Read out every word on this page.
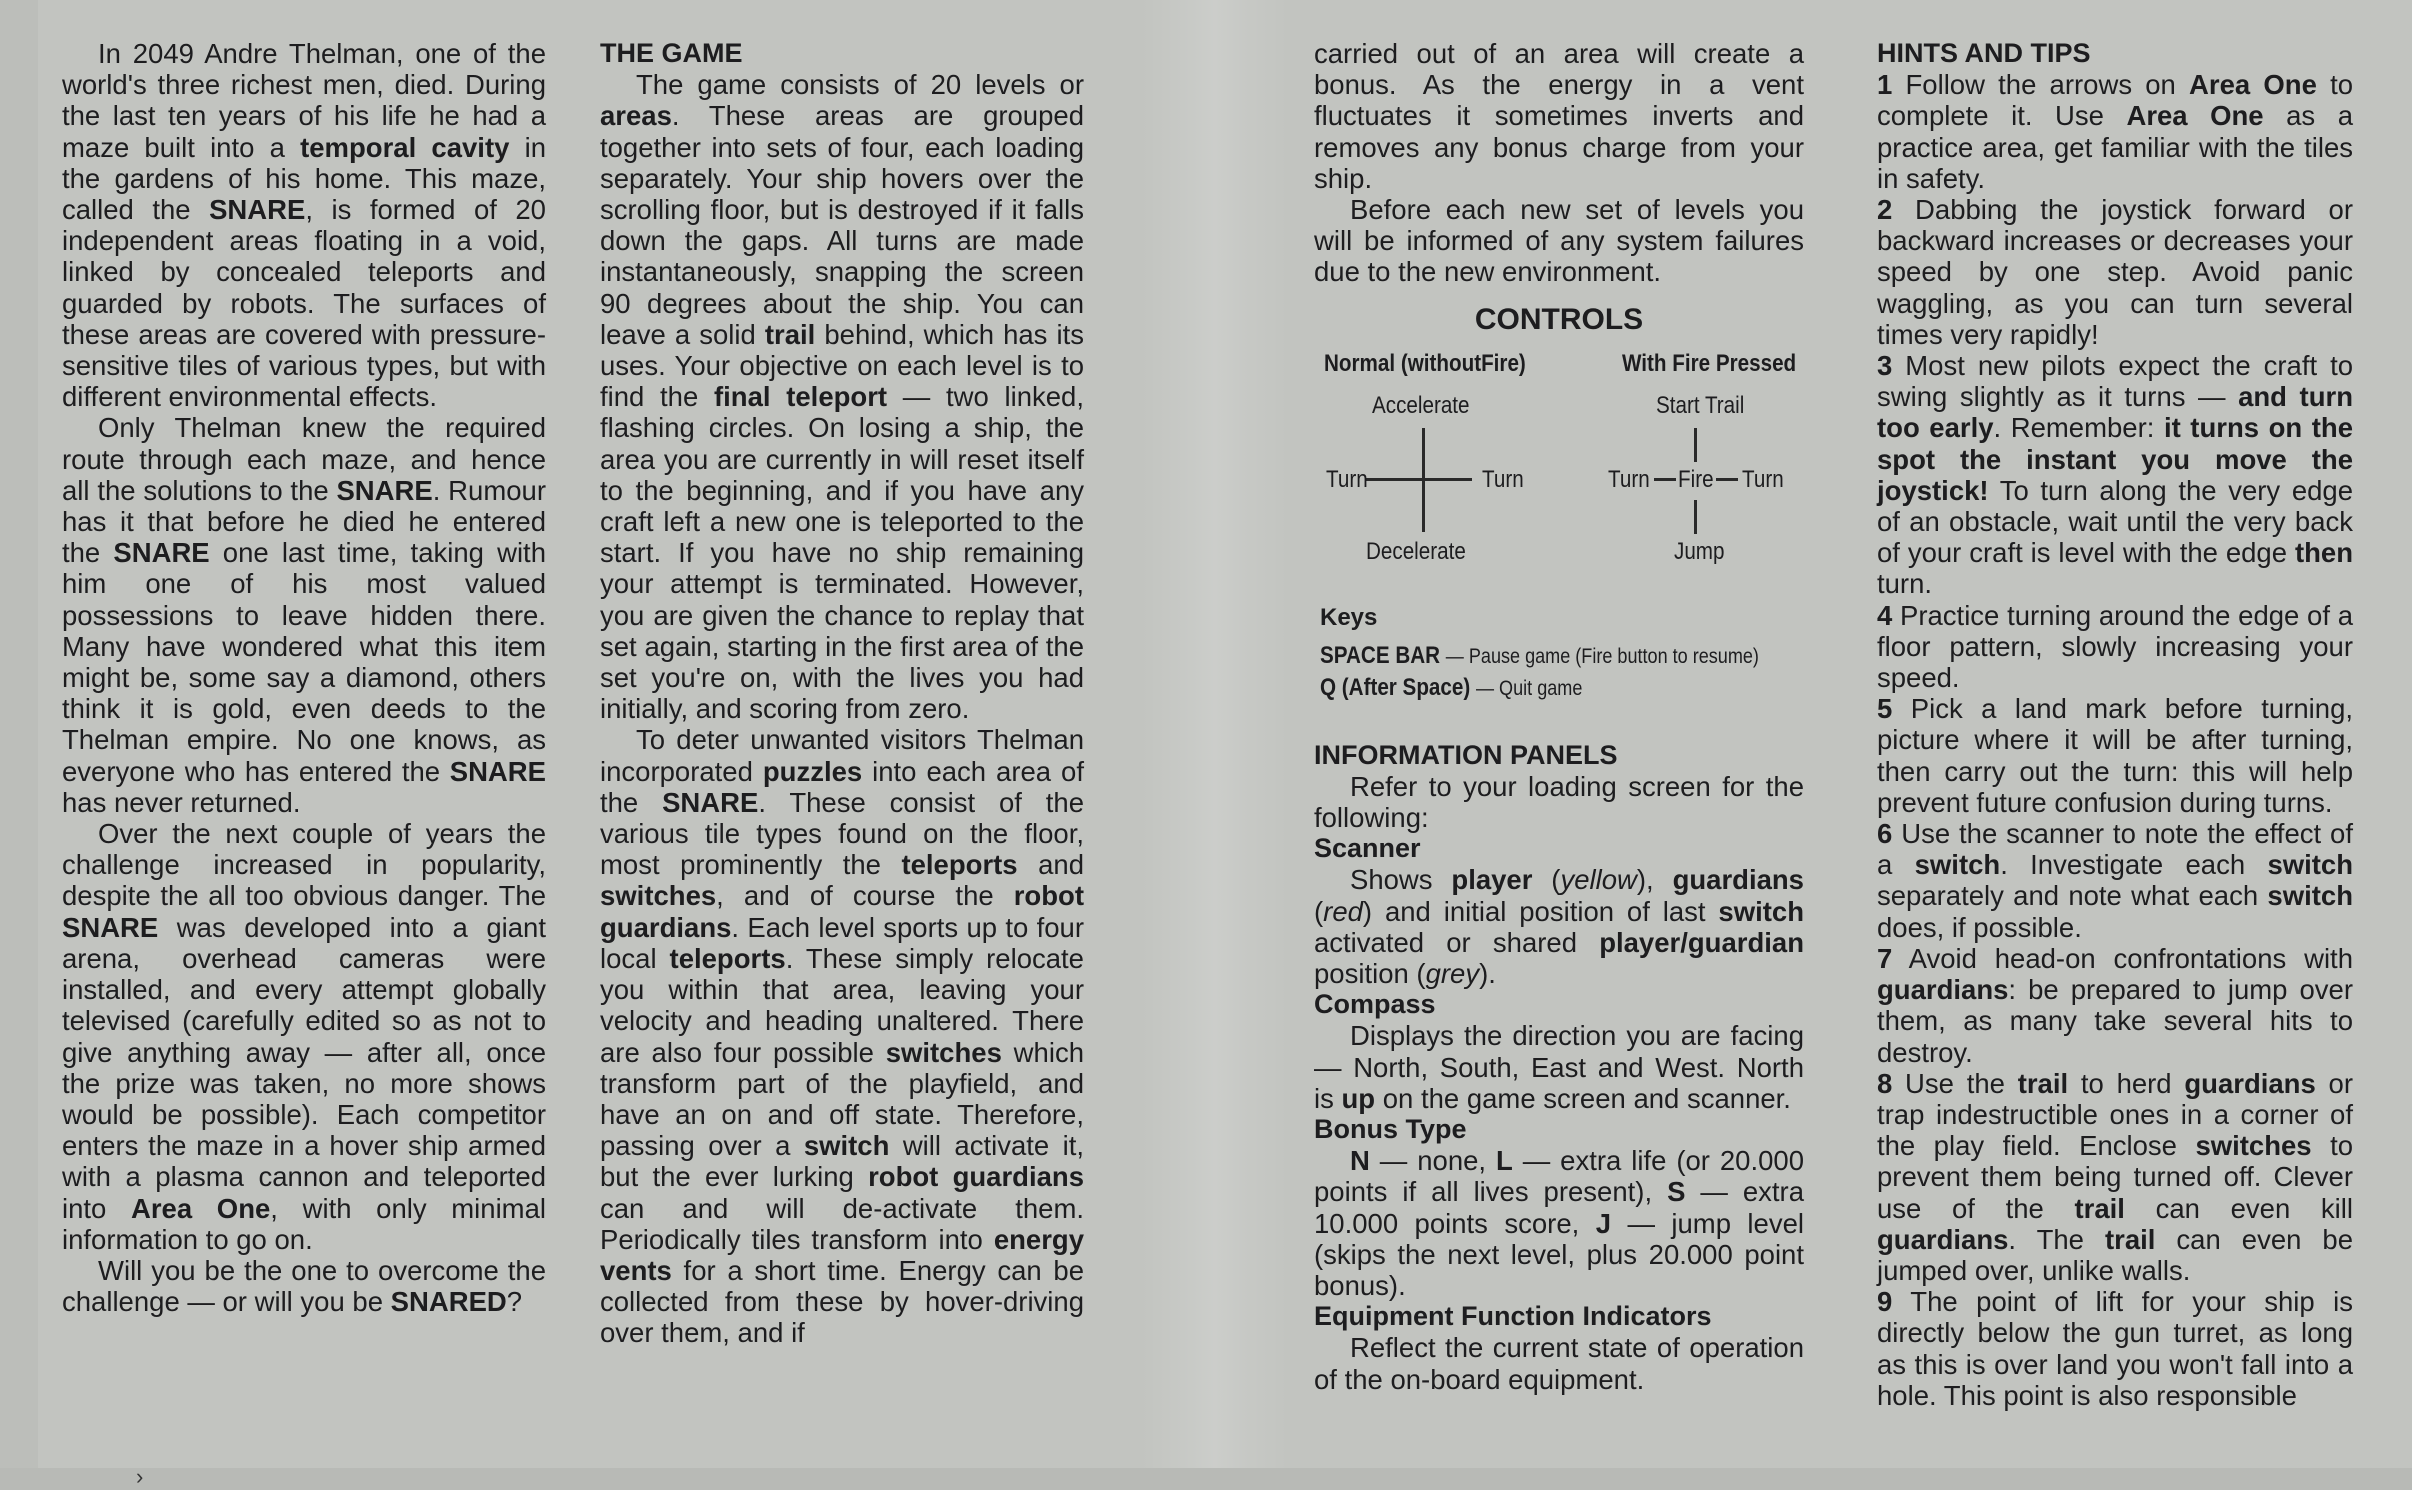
In 2049 Andre Thelman, one of the world's three richest men, died. During the last ten years of his life he had a maze built into a temporal cavity in the gardens of his home. This maze, called the SNARE, is formed of 20 independent areas floating in a void, linked by concealed teleports and guarded by robots. The surfaces of these areas are covered with pressure-sensitive tiles of various types, but with different environmental effects.

Only Thelman knew the required route through each maze, and hence all the solutions to the SNARE. Rumour has it that before he died he entered the SNARE one last time, taking with him one of his most valued possessions to leave hidden there. Many have wondered what this item might be, some say a diamond, others think it is gold, even deeds to the Thelman empire. No one knows, as everyone who has entered the SNARE has never returned.

Over the next couple of years the challenge increased in popularity, despite the all too obvious danger. The SNARE was developed into a giant arena, overhead cameras were installed, and every attempt globally televised (carefully edited so as not to give anything away — after all, once the prize was taken, no more shows would be possible). Each competitor enters the maze in a hover ship armed with a plasma cannon and teleported into Area One, with only minimal information to go on.

Will you be the one to overcome the challenge — or will you be SNARED?

THE GAME

The game consists of 20 levels or areas. These areas are grouped together into sets of four, each loading separately. Your ship hovers over the scrolling floor, but is destroyed if it falls down the gaps. All turns are made instantaneously, snapping the screen 90 degrees about the ship. You can leave a solid trail behind, which has its uses. Your objective on each level is to find the final teleport — two linked, flashing circles. On losing a ship, the area you are currently in will reset itself to the beginning, and if you have any craft left a new one is teleported to the start. If you have no ship remaining your attempt is terminated. However, you are given the chance to replay that set again, starting in the first area of the set you're on, with the lives you had initially, and scoring from zero.

To deter unwanted visitors Thelman incorporated puzzles into each area of the SNARE. These consist of the various tile types found on the floor, most prominently the teleports and switches, and of course the robot guardians. Each level sports up to four local teleports. These simply relocate you within that area, leaving your velocity and heading unaltered. There are also four possible switches which transform part of the playfield, and have an on and off state. Therefore, passing over a switch will activate it, but the ever lurking robot guardians can and will de-activate them. Periodically tiles transform into energy vents for a short time. Energy can be collected from these by hover-driving over them, and if

carried out of an area will create a bonus. As the energy in a vent fluctuates it sometimes inverts and removes any bonus charge from your ship.

Before each new set of levels you will be informed of any system failures due to the new environment.

CONTROLS
Normal (withoutFire)	With Fire Pressed
Accelerate
Turn	Turn
Decelerate
Start Trail
Turn Fire Turn
Jump
Keys
SPACE BAR — Pause game (Fire button to resume)
Q (After Space) — Quit game

INFORMATION PANELS

Refer to your loading screen for the following:

Scanner

Shows player (yellow), guardians (red) and initial position of last switch activated or shared player/guardian position (grey).

Compass

Displays the direction you are facing — North, South, East and West. North is up on the game screen and scanner.

Bonus Type

N — none, L — extra life (or 20.000 points if all lives present), S — extra 10.000 points score, J — jump level (skips the next level, plus 20.000 point bonus).

Equipment Function Indicators

Reflect the current state of operation of the on-board equipment.

HINTS AND TIPS

1 Follow the arrows on Area One to complete it. Use Area One as a practice area, get familiar with the tiles in safety.

2 Dabbing the joystick forward or backward increases or decreases your speed by one step. Avoid panic waggling, as you can turn several times very rapidly!

3 Most new pilots expect the craft to swing slightly as it turns — and turn too early. Remember: it turns on the spot the instant you move the joystick! To turn along the very edge of an obstacle, wait until the very back of your craft is level with the edge then turn.

4 Practice turning around the edge of a floor pattern, slowly increasing your speed.

5 Pick a land mark before turning, picture where it will be after turning, then carry out the turn: this will help prevent future confusion during turns.

6 Use the scanner to note the effect of a switch. Investigate each switch separately and note what each switch does, if possible.

7 Avoid head-on confrontations with guardians: be prepared to jump over them, as many take several hits to destroy.

8 Use the trail to herd guardians or trap indestructible ones in a corner of the play field. Enclose switches to prevent them being turned off. Clever use of the trail can even kill guardians. The trail can even be jumped over, unlike walls.

9 The point of lift for your ship is directly below the gun turret, as long as this is over land you won't fall into a hole. This point is also responsible

›
